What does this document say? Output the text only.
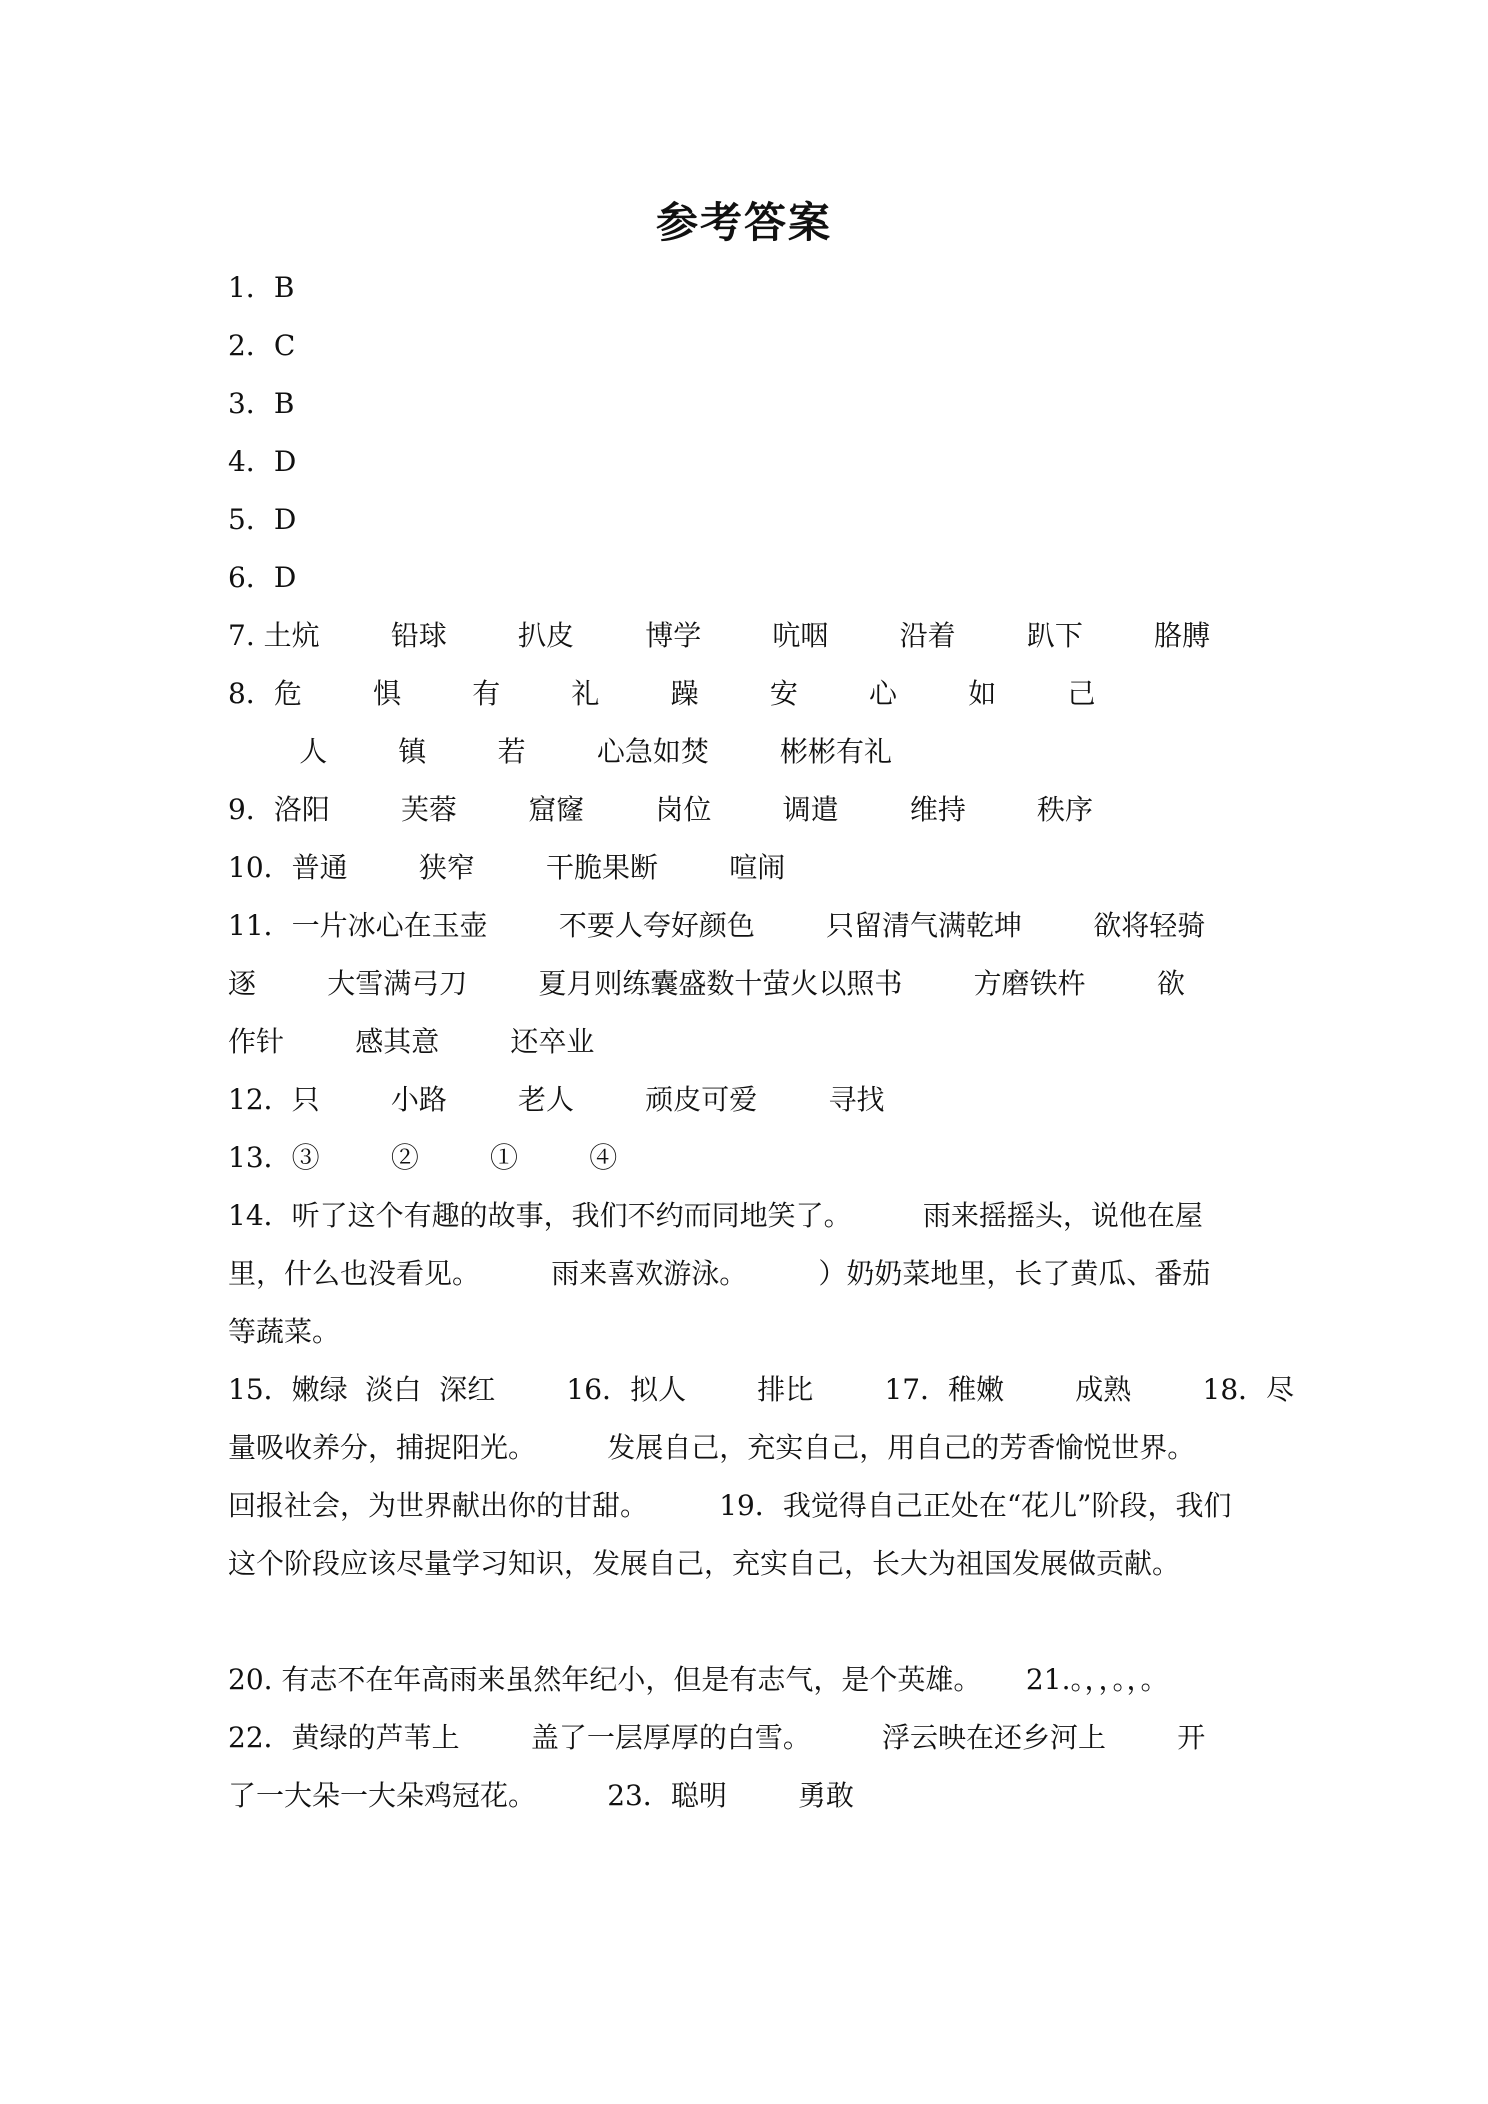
参考答案

1．B

2．C

3．B

4．D

5．D

6．D

7. 土炕        铅球        扒皮        博学        吭咽        沿着        趴下        胳膊

8．危        惧        有        礼        躁        安        心        如        己

人        镇        若        心急如焚        彬彬有礼

9．洛阳        芙蓉        窟窿        岗位        调遣        维持        秩序

10．普通        狭窄        干脆果断        喧闹

11．一片冰心在玉壶        不要人夸好颜色        只留清气满乾坤        欲将轻骑

逐        大雪满弓刀        夏月则练囊盛数十萤火以照书        方磨铁杵        欲

作针        感其意        还卒业

12．只        小路        老人        顽皮可爱        寻找

13．③        ②        ①        ④

14．听了这个有趣的故事，我们不约而同地笑了。        雨来摇摇头，说他在屋

里，什么也没看见。        雨来喜欢游泳。        ）奶奶菜地里，长了黄瓜、番茄

等蔬菜。

15．嫩绿  淡白  深红        16．拟人        排比        17．稚嫩        成熟        18．尽

量吸收养分，捕捉阳光。        发展自己，充实自己，用自己的芳香愉悦世界。

回报社会，为世界献出你的甘甜。        19．我觉得自己正处在“花儿”阶段，我们

这个阶段应该尽量学习知识，发展自己，充实自己，长大为祖国发展做贡献。

20. 有志不在年高雨来虽然年纪小，但是有志气，是个英雄。     21.。，，。，。

22．黄绿的芦苇上        盖了一层厚厚的白雪。        浮云映在还乡河上        开

了一大朵一大朵鸡冠花。        23．聪明        勇敢
